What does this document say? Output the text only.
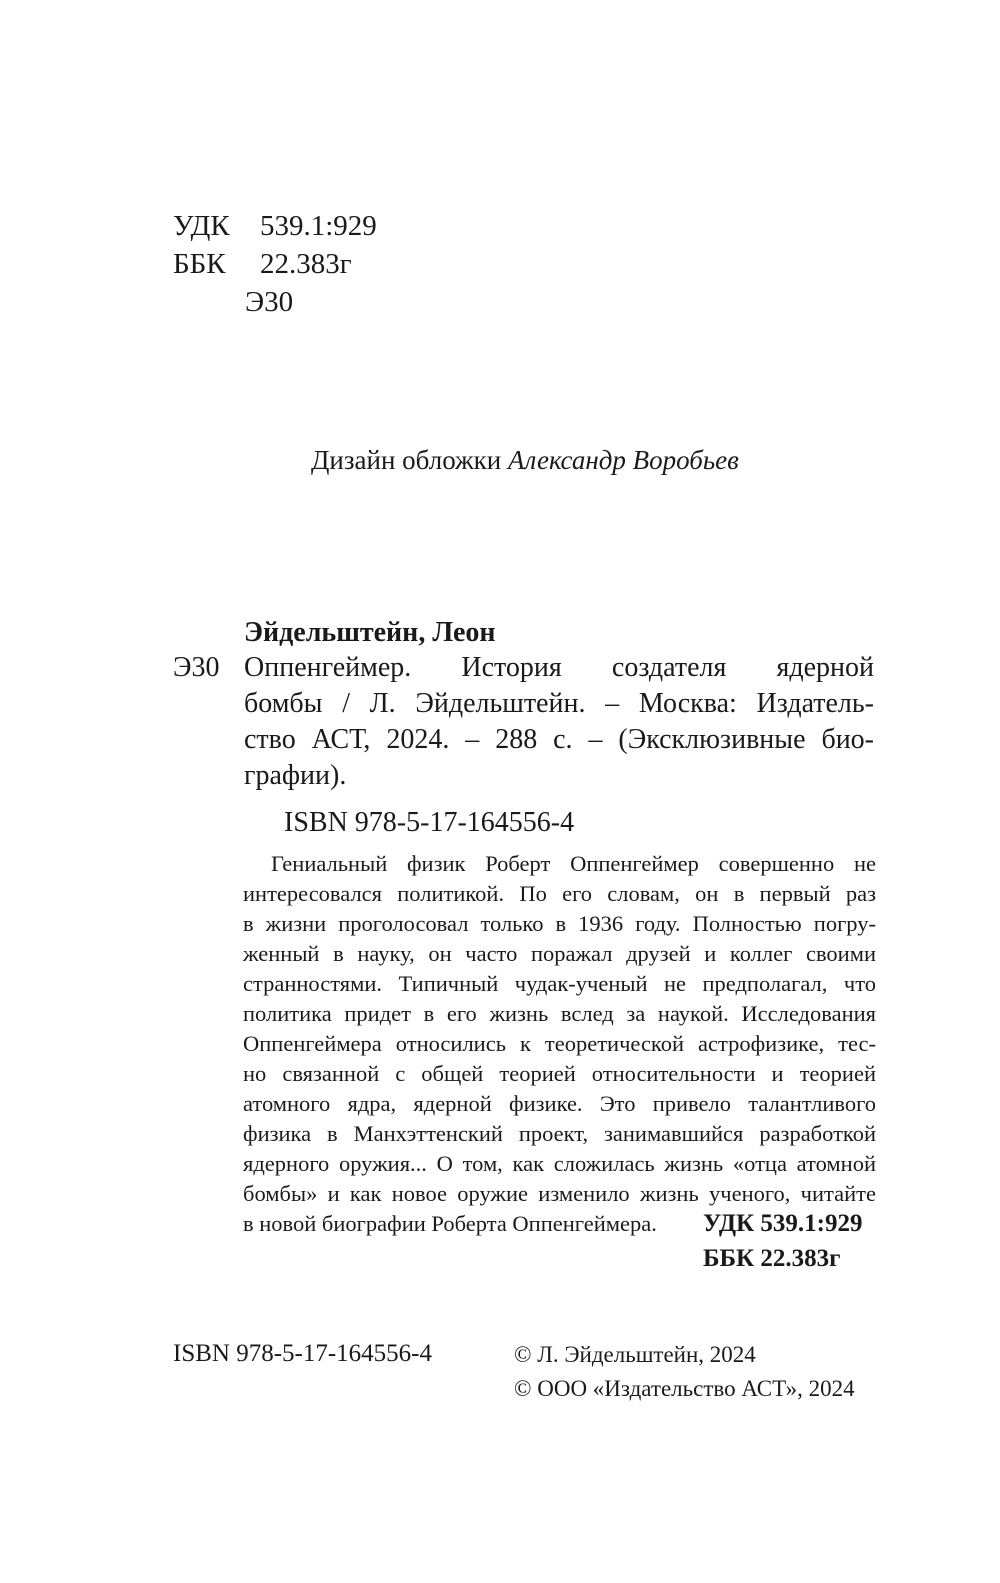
УДК 539.1:929
ББК 22.383г
Э30
Дизайн обложки Александр Воробьев
Эйдельштейн, Леон
Э30 Оппенгеймер. История создателя ядерной
бомбы / Л. Эйдельштейн. – Москва: Издатель-
ство АСТ, 2024. – 288 с. – (Эксклюзивные био-
графии).
ISBN 978-5-17-164556-4
Гениальный физик Роберт Оппенгеймер совершенно не
интересовался политикой. По его словам, он в первый раз
в жизни проголосовал только в 1936 году. Полностью погру-
женный в науку, он часто поражал друзей и коллег своими
странностями. Типичный чудак-ученый не предполагал, что
политика придет в его жизнь вслед за наукой. Исследования
Оппенгеймера относились к теоретической астрофизике, тес-
но связанной с общей теорией относительности и теорией
атомного ядра, ядерной физике. Это привело талантливого
физика в Манхэттенский проект, занимавшийся разработкой
ядерного оружия... О том, как сложилась жизнь «отца атомной
бомбы» и как новое оружие изменило жизнь ученого, читайте
в новой биографии Роберта Оппенгеймера.	УДК 539.1:929
ББК 22.383г
ISBN 978-5-17-164556-4	© Л. Эйдельштейн, 2024
© ООО «Издательство АСТ», 2024
